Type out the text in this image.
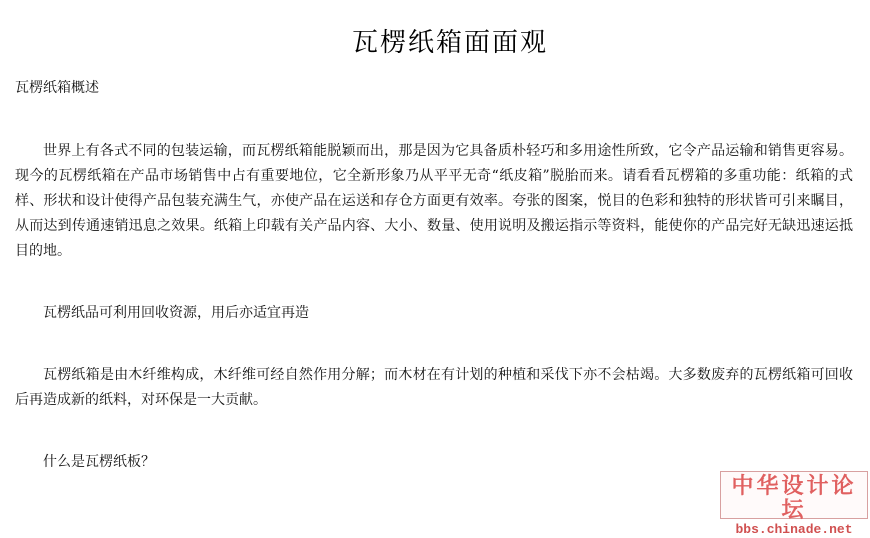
瓦楞纸箱面面观

瓦楞纸箱概述

世界上有各式不同的包装运输，而瓦楞纸箱能脱颖而出，那是因为它具备质朴轻巧和多用途性所致，它令产品运输和销售更容易。现今的瓦楞纸箱在产品市场销售中占有重要地位，它全新形象乃从平平无奇“纸皮箱”脱胎而来。请看看瓦楞箱的多重功能：纸箱的式样、形状和设计使得产品包装充满生气，亦使产品在运送和存仓方面更有效率。夸张的图案，悦目的色彩和独特的形状皆可引来瞩目，从而达到传通速销迅息之效果。纸箱上印载有关产品内容、大小、数量、使用说明及搬运指示等资料，能使你的产品完好无缺迅速运抵目的地。

瓦楞纸品可利用回收资源，用后亦适宜再造

瓦楞纸箱是由木纤维构成，木纤维可经自然作用分解；而木材在有计划的种植和采伐下亦不会枯竭。大多数废弃的瓦楞纸箱可回收后再造成新的纸料，对环保是一大贡献。

什么是瓦楞纸板？

中华设计论坛
bbs.chinade.net
